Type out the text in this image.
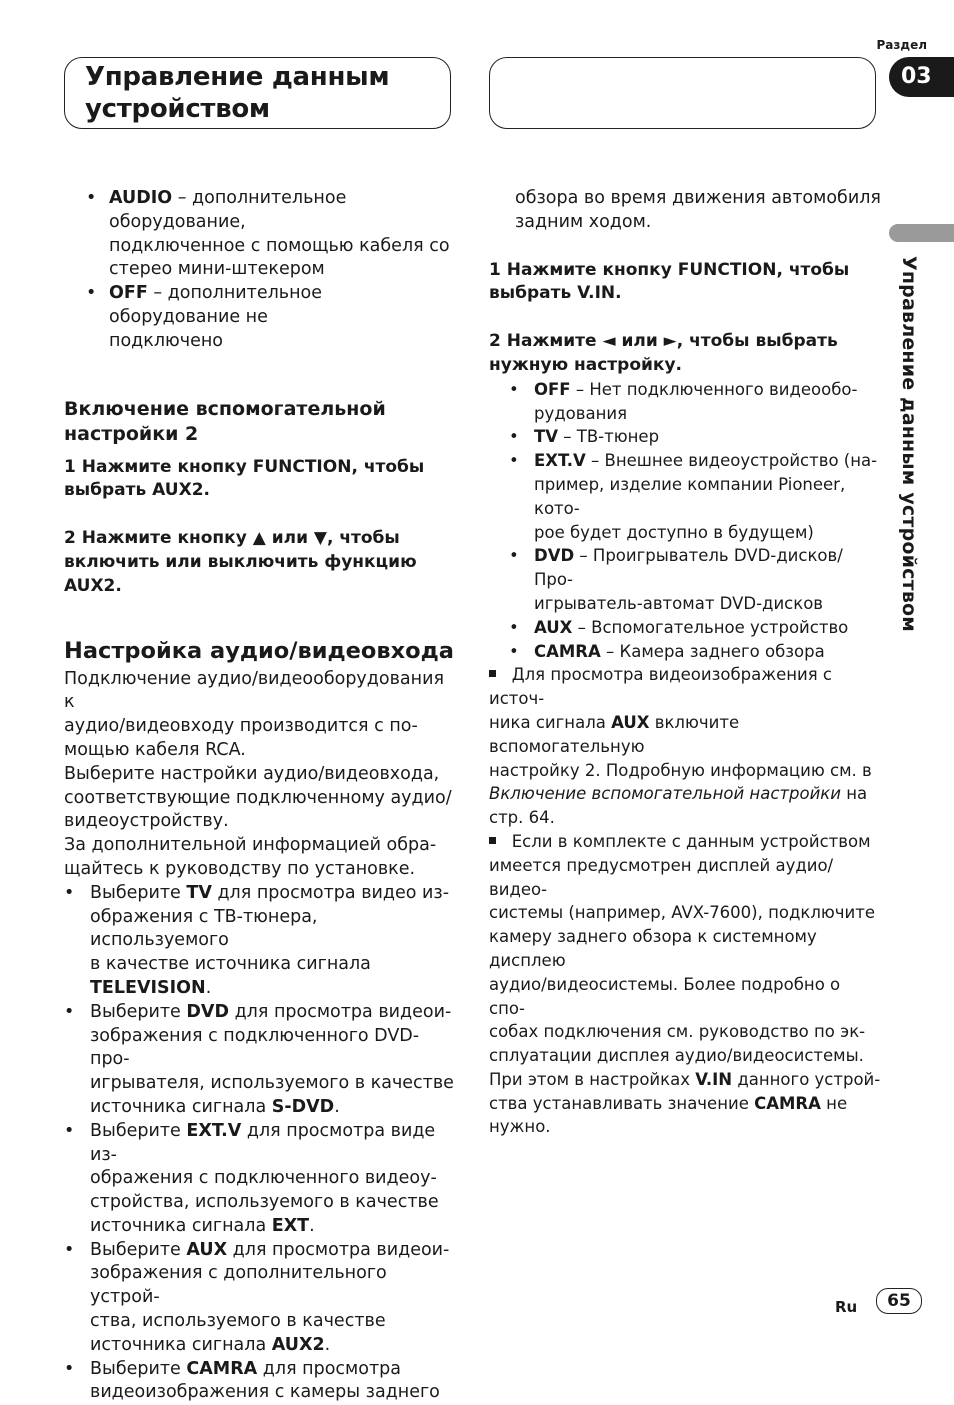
Управление данным
устройством
Раздел
03
Управление данным устройством
• AUDIO – дополнительное оборудование,
подключенное с помощью кабеля со
стерео мини-штекером
• OFF – дополнительное оборудование не
подключено
Включение вспомогательной
настройки 2
1 Нажмите кнопку FUNCTION, чтобы
выбрать AUX2.
2 Нажмите кнопку ▲ или ▼, чтобы
включить или выключить функцию
AUX2.
Настройка аудио/видеовхода
Подключение аудио/видеооборудования к
аудио/видеовходу производится с по-
мощью кабеля RCA.
Выберите настройки аудио/видеовхода,
соответствующие подключенному аудио/
видеоустройству.
За дополнительной информацией обра-
щайтесь к руководству по установке.
• Выберите TV для просмотра видео из-
ображения с ТВ-тюнера, используемого
в качестве источника сигнала
TELEVISION.
• Выберите DVD для просмотра видеои-
зображения с подключенного DVD-про-
игрывателя, используемого в качестве
источника сигнала S-DVD.
• Выберите EXT.V для просмотра виде из-
ображения с подключенного видеоу-
стройства, используемого в качестве
источника сигнала EXT.
• Выберите AUX для просмотра видеои-
зображения с дополнительного устрой-
ства, используемого в качестве
источника сигнала AUX2.
• Выберите CAMRA для просмотра
видеоизображения с камеры заднего
обзора во время движения автомобиля
задним ходом.
1 Нажмите кнопку FUNCTION, чтобы
выбрать V.IN.
2 Нажмите ◄ или ►, чтобы выбрать
нужную настройку.
• OFF – Нет подключенного видеообо-
рудования
• TV – ТВ-тюнер
• EXT.V – Внешнее видеоустройство (на-
пример, изделие компании Pioneer, кото-
рое будет доступно в будущем)
• DVD – Проигрыватель DVD-дисков/Про-
игрыватель-автомат DVD-дисков
• AUX – Вспомогательное устройство
• CAMRA – Камера заднего обзора
Для просмотра видеоизображения с источ-
ника сигнала AUX включите вспомогательную
настройку 2. Подробную информацию см. в
Включение вспомогательной настройки на
стр. 64.
Если в комплекте с данным устройством
имеется предусмотрен дисплей аудио/видео-
системы (например, AVX-7600), подключите
камеру заднего обзора к системному дисплею
аудио/видеосистемы. Более подробно о спо-
собах подключения см. руководство по эк-
сплуатации дисплея аудио/видеосистемы.
При этом в настройках V.IN данного устрой-
ства устанавливать значение CAMRA не
нужно.
Ru	65
